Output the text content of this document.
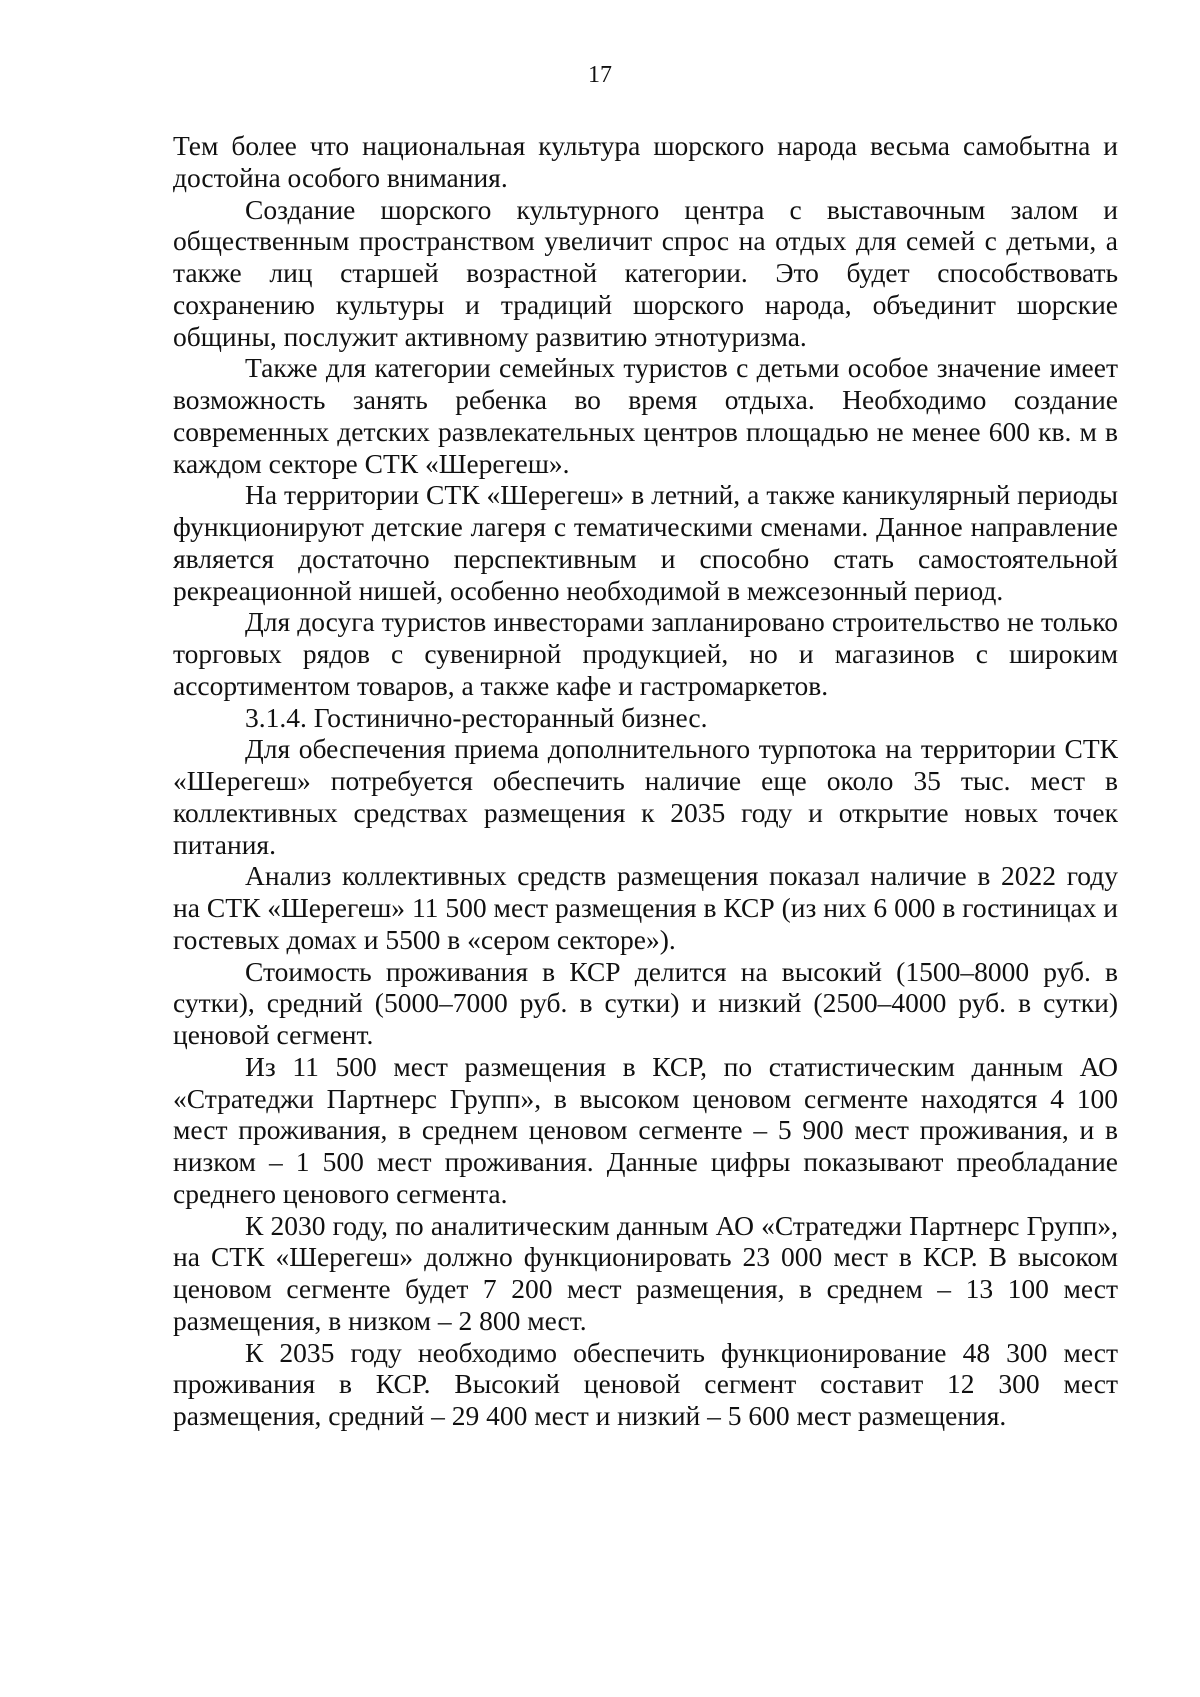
17

Тем более что национальная культура шорского народа весьма самобытна и достойна особого внимания.

Создание шорского культурного центра с выставочным залом и общественным пространством увеличит спрос на отдых для семей с детьми, а также лиц старшей возрастной категории. Это будет способствовать сохранению культуры и традиций шорского народа, объединит шорские общины, послужит активному развитию этнотуризма.

Также для категории семейных туристов с детьми особое значение имеет возможность занять ребенка во время отдыха. Необходимо создание современных детских развлекательных центров площадью не менее 600 кв. м в каждом секторе СТК «Шерегеш».

На территории СТК «Шерегеш» в летний, а также каникулярный периоды функционируют детские лагеря с тематическими сменами. Данное направление является достаточно перспективным и способно стать самостоятельной рекреационной нишей, особенно необходимой в межсезонный период.

Для досуга туристов инвесторами запланировано строительство не только торговых рядов с сувенирной продукцией, но и магазинов с широким ассортиментом товаров, а также кафе и гастромаркетов.

3.1.4. Гостинично-ресторанный бизнес.

Для обеспечения приема дополнительного турпотока на территории СТК «Шерегеш» потребуется обеспечить наличие еще около 35 тыс. мест в коллективных средствах размещения к 2035 году и открытие новых точек питания.

Анализ коллективных средств размещения показал наличие в 2022 году на СТК «Шерегеш» 11 500 мест размещения в КСР (из них 6 000 в гостиницах и гостевых домах и 5500 в «сером секторе»).

Стоимость проживания в КСР делится на высокий (1500–8000 руб. в сутки), средний (5000–7000 руб. в сутки) и низкий (2500–4000 руб. в сутки) ценовой сегмент.

Из 11 500 мест размещения в КСР, по статистическим данным АО «Стратеджи Партнерс Групп», в высоком ценовом сегменте находятся 4 100 мест проживания, в среднем ценовом сегменте – 5 900 мест проживания, и в низком – 1 500 мест проживания. Данные цифры показывают преобладание среднего ценового сегмента.

К 2030 году, по аналитическим данным АО «Стратеджи Партнерс Групп», на СТК «Шерегеш» должно функционировать 23 000 мест в КСР. В высоком ценовом сегменте будет 7 200 мест размещения, в среднем – 13 100 мест размещения, в низком – 2 800 мест.

К 2035 году необходимо обеспечить функционирование 48 300 мест проживания в КСР. Высокий ценовой сегмент составит 12 300 мест размещения, средний – 29 400 мест и низкий – 5 600 мест размещения.
